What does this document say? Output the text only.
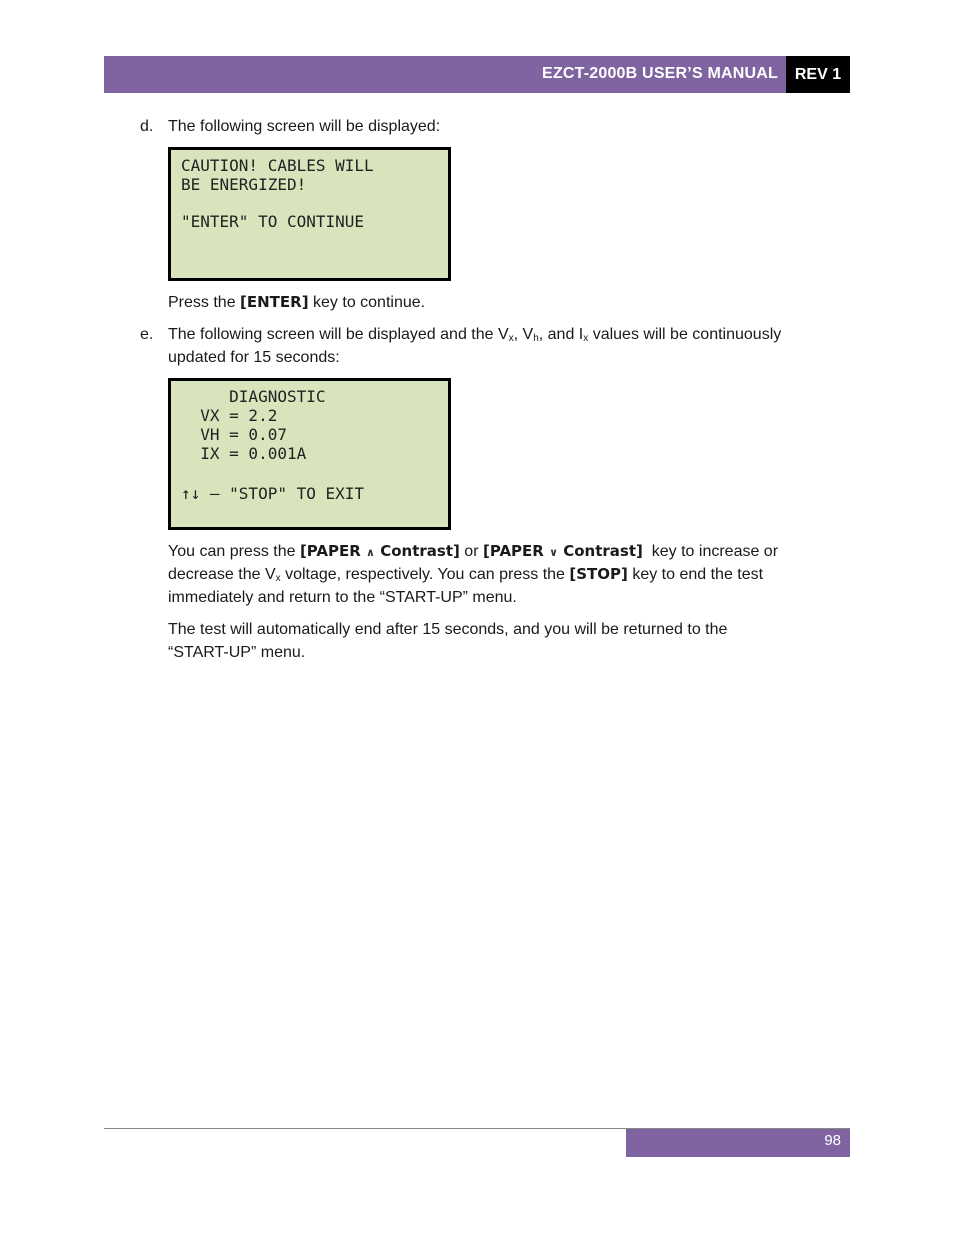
EZCT-2000B USER’S MANUAL	REV 1
d. The following screen will be displayed:

CAUTION! CABLES WILL
BE ENERGIZED!
"ENTER" TO CONTINUE

Press the [ENTER] key to continue.

e. The following screen will be displayed and the $V_x$, $V_h$, and $I_x$ values will be continuously

updated for 15 seconds:

DIAGNOSTIC
VX = 2.2
VH = 0.07
IX = 0.001A
↑↓ – "STOP" TO EXIT

You can press the [PAPER ∧ Contrast] or [PAPER ∨ Contrast]  key to increase or

decrease the $V_x$ voltage, respectively. You can press the [STOP] key to end the test

immediately and return to the “START-UP” menu.

The test will automatically end after 15 seconds, and you will be returned to the

“START-UP” menu.

98
